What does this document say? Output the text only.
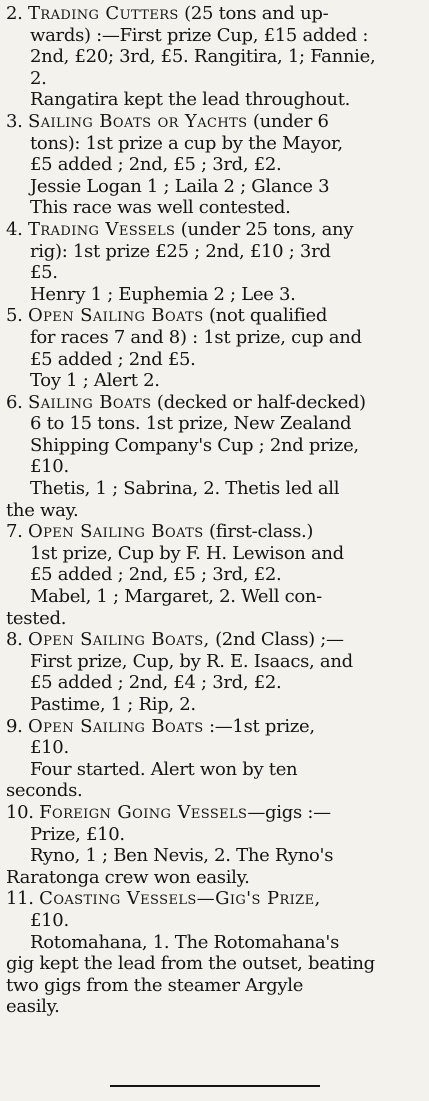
2. Trading Cutters (25 tons and up-
wards) :—First prize Cup, £15 added :
2nd, £20; 3rd, £5. Rangitira, 1; Fannie,
2.
Rangatira kept the lead throughout.
3. Sailing Boats or Yachts (under 6
tons): 1st prize a cup by the Mayor,
£5 added ; 2nd, £5 ; 3rd, £2.
Jessie Logan 1 ; Laila 2 ; Glance 3
This race was well contested.
4. Trading Vessels (under 25 tons, any
rig): 1st prize £25 ; 2nd, £10 ; 3rd
£5.
Henry 1 ; Euphemia 2 ; Lee 3.
5. Open Sailing Boats (not qualified
for races 7 and 8) : 1st prize, cup and
£5 added ; 2nd £5.
Toy 1 ; Alert 2.
6. Sailing Boats (decked or half-decked)
6 to 15 tons. 1st prize, New Zealand
Shipping Company's Cup ; 2nd prize,
£10.
Thetis, 1 ; Sabrina, 2. Thetis led all
the way.
7. Open Sailing Boats (first-class.)
1st prize, Cup by F. H. Lewison and
£5 added ; 2nd, £5 ; 3rd, £2.
Mabel, 1 ; Margaret, 2. Well con-
tested.
8. Open Sailing Boats, (2nd Class) ;—
First prize, Cup, by R. E. Isaacs, and
£5 added ; 2nd, £4 ; 3rd, £2.
Pastime, 1 ; Rip, 2.
9. Open Sailing Boats :—1st prize,
£10.
Four started. Alert won by ten
seconds.
10. Foreign Going Vessels—gigs :—
Prize, £10.
Ryno, 1 ; Ben Nevis, 2. The Ryno's
Raratonga crew won easily.
11. Coasting Vessels—Gig's Prize,
£10.
Rotomahana, 1. The Rotomahana's
gig kept the lead from the outset, beating
two gigs from the steamer Argyle
easily.
